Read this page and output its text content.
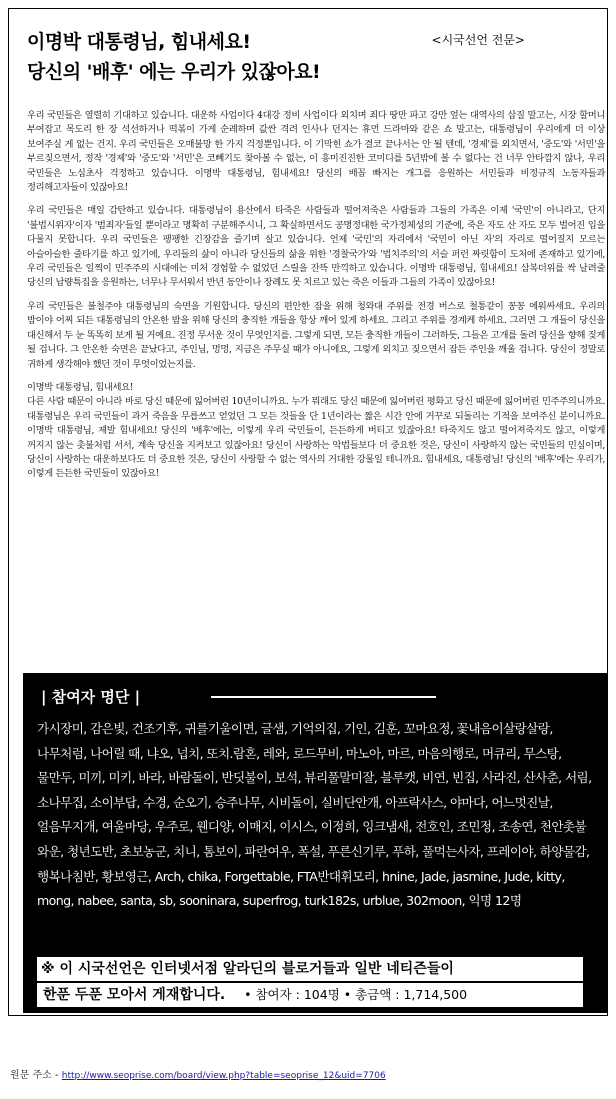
이명박 대통령님, 힘내세요!
당신의 '배후' 에는 우리가 있잖아요!
<시국선언 전문>

우리 국민들은 열렬히 기대하고 있습니다. 대운하 사업이다 4대강 정비 사업이다 외치며 죄다 땅만 파고 강만 엎는 대역사의 삽질 말고는, 시장 할머니 부여잡고 목도리 한 장 석선하거나 떡볶이 가게 순례하며 값싼 격려 인사나 던지는 휴먼 드라마와 같은 쇼 말고는, 대통령님이 우리에게 더 이상 보여주실 게 없는 건지. 우리 국민들은 오매불망 한 가지 걱정뿐입니다. 이 기막힌 쇼가 결코 끝나서는 안 될 텐데, '경제'를 외치면서, '중도'와 '서민'을 부르짖으면서, 정작 '경제'와 '중도'와 '서민'은 코빼기도 찾아볼 수 없는, 이 흥미진진한 코미디를 5년밖에 볼 수 없다는 건 너무 안타깝지 않나, 우리 국민들은 노심초사 걱정하고 있습니다. 이명박 대통령님, 힘내세요! 당신의 배꼽 빠지는 개그를 응원하는 서민들과 비정규직 노동자들과 정리해고자들이 있잖아요!

우리 국민들은 매일 감탄하고 있습니다. 대통령님이 용산에서 타죽은 사람들과 떨어져죽은 사람들과 그들의 가족은 이제 '국민'이 아니라고, 단지 '불법시위자'이자 '범죄자'들일 뿐이라고 명확히 구분해주시니, 그 확실하면서도 공명정대한 국가정체성의 기준에, 죽은 자도 산 자도 모두 벌어진 입을 다물지 못합니다. 우리 국민들은 팽팽한 긴장감을 즐기며 살고 있습니다. 언제 '국민'의 자리에서 '국민이 아닌 자'의 자리로 떨어질지 모르는 아슬아슬한 줄타기를 하고 있기에, 우리들의 삶이 아니라 당신들의 삶을 위한 '경찰국가'와 '법치주의'의 서슬 퍼런 짜릿함이 도처에 존재하고 있기에, 우리 국민들은 일찍이 민주주의 시대에는 미처 경험할 수 없었던 스릴을 잔뜩 만끽하고 있습니다. 이명박 대통령님, 힘내세요! 삼복더위를 싹 날려줄 당신의 납량특집을 응원하는, 너무나 무서워서 반년 동안이나 장례도 못 치르고 있는 죽은 이들과 그들의 가족이 있잖아요!

우리 국민들은 불철주야 대통령님의 숙면을 기원합니다. 당신의 편안한 잠을 위해 청와대 주위를 전경 버스로 철통같이 꽁꽁 에워싸세요. 우리의 밤이야 어찌 되든 대통령님의 안온한 밤을 위해 당신의 충직한 개들을 항상 깨어 있게 하세요. 그리고 주위를 경계케 하세요. 그러면 그 개들이 당신을 대신해서 두 눈 똑똑히 보게 될 거예요. 진정 무서운 것이 무엇인지를. 그렇게 되면, 모든 충직한 개들이 그러하듯, 그들은 고개를 돌려 당신을 향해 짖게 될 겁니다. 그 안온한 숙면은 끝났다고, 주인님, 멍멍, 지금은 주무실 때가 아니에요, 그렇게 외치고 짖으면서 잠든 주인을 깨울 겁니다. 당신이 정말로 귀하게 생각해야 했던 것이 무엇이었는지를.

이명박 대통령님, 힘내세요!

다른 사람 때문이 아니라 바로 당신 때문에 잃어버린 10년이니까요. 누가 뭐래도 당신 때문에 잃어버린 평화고 당신 때문에 잃어버린 민주주의니까요. 대통령님은 우리 국민들이 과거 죽음을 무릅쓰고 얻었던 그 모든 것들을 단 1년이라는 짧은 시간 안에 거꾸로 되돌리는 기적을 보여주신 분이니까요. 이명박 대통령님, 제발 힘내세요! 당신의 '배후'에는, 이렇게 우리 국민들이, 든든하게 버티고 있잖아요! 타죽지도 않고 떨어져죽지도 않고, 이렇게 꺼지지 않는 촛불처럼 서서, 계속 당신을 지켜보고 있잖아요! 당신이 사랑하는 악법들보다 더 중요한 것은, 당신이 사랑하지 않는 국민들의 민심이며, 당신이 사랑하는 대운하보다도 더 중요한 것은, 당신이 사랑할 수 없는 역사의 거대한 강물일 테니까요. 힘내세요, 대통령님! 당신의 '배후'에는 우리가, 이렇게 든든한 국민들이 있잖아요!

| 참여자 명단 |
가시장미, 감은빛, 건조기후, 귀를기울이면, 글샘, 기억의집, 기인, 김훈, 꼬마요정, 꽃내음이살랑살랑, 나무처럼, 나어릴 때, 냐오, 넙치, 또치.람혼, 레와, 로드무비, 마노아, 마르, 마음의행로, 머큐리, 무스탕, 물만두, 미끼, 미키, 바라, 바람돌이, 반딧불이, 보석, 뷰리풀말미잘, 블루캣, 비연, 빈집, 사라진, 산사춘, 서림, 소나무집, 소이부답, 수경, 순오기, 승주나무, 시비돌이, 실비단안개, 아프락사스, 야마다, 어느멋진날, 얼음무지개, 여울마당, 우주로, 웬디양, 이매지, 이시스, 이정희, 잉크냄새, 전호인, 조민정, 조송연, 천안촛불 와운, 청년도반, 초보농군, 치니, 톰보이, 파란여우, 폭설, 푸른신기루, 푸하, 풀먹는사자, 프레이야, 하양물감, 행복나침반, 황보영근, Arch, chika, Forgettable, FTA반대휘모리, hnine, Jade, jasmine, Jude, kitty, mong, nabee, santa, sb, sooninara, superfrog, turk182s, urblue, 302moon, 익명 12명
※ 이 시국선언은 인터넷서점 알라딘의 블로거들과 일반 네티즌들이
한푼 두푼 모아서 게재합니다. • 참여자 : 104명 • 총금액 : 1,714,500
원문 주소 - http://www.seoprise.com/board/view.php?table=seoprise_12&uid=7706
